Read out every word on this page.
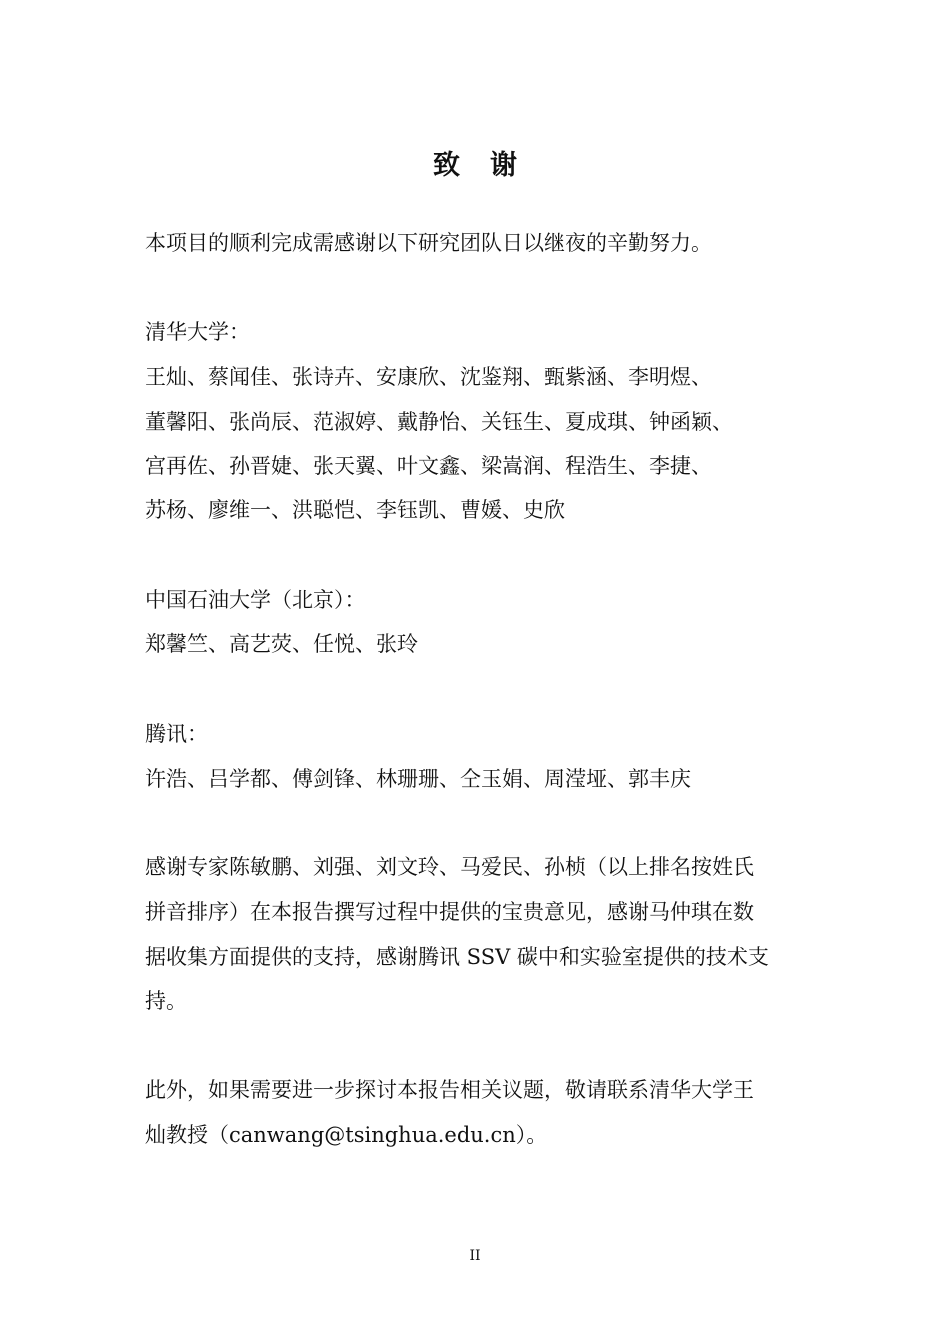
致谢
本项目的顺利完成需感谢以下研究团队日以继夜的辛勤努力。
清华大学：
王灿、蔡闻佳、张诗卉、安康欣、沈鉴翔、甄紫涵、李明煜、
董馨阳、张尚辰、范淑婷、戴静怡、关钰生、夏成琪、钟函颖、
宫再佐、孙晋婕、张天翼、叶文鑫、梁嵩润、程浩生、李捷、
苏杨、廖维一、洪聪恺、李钰凯、曹媛、史欣
中国石油大学（北京）：
郑馨竺、高艺荧、任悦、张玲
腾讯：
许浩、吕学都、傅剑锋、林珊珊、仝玉娟、周滢垭、郭丰庆
感谢专家陈敏鹏、刘强、刘文玲、马爱民、孙桢（以上排名按姓氏
拼音排序）在本报告撰写过程中提供的宝贵意见，感谢马仲琪在数
据收集方面提供的支持，感谢腾讯 SSV 碳中和实验室提供的技术支
持。
此外，如果需要进一步探讨本报告相关议题，敬请联系清华大学王
灿教授（canwang@tsinghua.edu.cn）。
II
